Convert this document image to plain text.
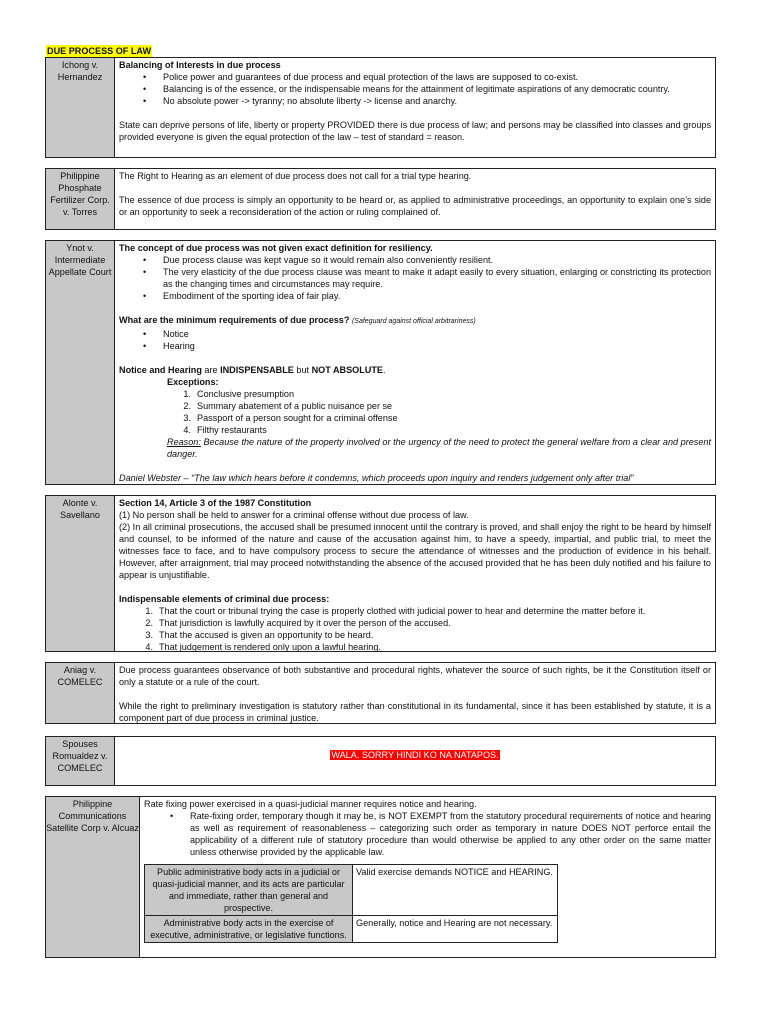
DUE PROCESS OF LAW
Ichong v. Hernandez
Balancing of Interests in due process
• Police power and guarantees of due process and equal protection of the laws are supposed to co-exist.
• Balancing is of the essence, or the indispensable means for the attainment of legitimate aspirations of any democratic country.
• No absolute power -> tyranny; no absolute liberty -> license and anarchy.
State can deprive persons of life, liberty or property PROVIDED there is due process of law; and persons may be classified into classes and groups provided everyone is given the equal protection of the law – test of standard = reason.
Philippine Phosphate Fertilizer Corp. v. Torres
The Right to Hearing as an element of due process does not call for a trial type hearing.
The essence of due process is simply an opportunity to be heard or, as applied to administrative proceedings, an opportunity to explain one’s side or an opportunity to seek a reconsideration of the action or ruling complained of.
Ynot v. Intermediate Appellate Court
The concept of due process was not given exact definition for resiliency.
• Due process clause was kept vague so it would remain also conveniently resilient.
• The very elasticity of the due process clause was meant to make it adapt easily to every situation, enlarging or constricting its protection as the changing times and circumstances may require.
• Embodiment of the sporting idea of fair play.
What are the minimum requirements of due process? (Safeguard against official arbitrariness)
• Notice
• Hearing
Notice and Hearing are INDISPENSABLE but NOT ABSOLUTE.
Exceptions:
1. Conclusive presumption
2. Summary abatement of a public nuisance per se
3. Passport of a person sought for a criminal offense
4. Filthy restaurants
Reason: Because the nature of the property involved or the urgency of the need to protect the general welfare from a clear and present danger.
Daniel Webster – “The law which hears before it condemns, which proceeds upon inquiry and renders judgement only after trial”
Alonte v. Savellano
Section 14, Article 3 of the 1987 Constitution
(1) No person shall be held to answer for a criminal offense without due process of law.
(2) In all criminal prosecutions, the accused shall be presumed innocent until the contrary is proved, and shall enjoy the right to be heard by himself and counsel, to be informed of the nature and cause of the accusation against him, to have a speedy, impartial, and public trial, to meet the witnesses face to face, and to have compulsory process to secure the attendance of witnesses and the production of evidence in his behalf. However, after arraignment, trial may proceed notwithstanding the absence of the accused provided that he has been duly notified and his failure to appear is unjustifiable.
Indispensable elements of criminal due process:
1. That the court or tribunal trying the case is properly clothed with judicial power to hear and determine the matter before it.
2. That jurisdiction is lawfully acquired by it over the person of the accused.
3. That the accused is given an opportunity to be heard.
4. That judgement is rendered only upon a lawful hearing.
Aniag v. COMELEC
Due process guarantees observance of both substantive and procedural rights, whatever the source of such rights, be it the Constitution itself or only a statute or a rule of the court.
While the right to preliminary investigation is statutory rather than constitutional in its fundamental, since it has been established by statute, it is a component part of due process in criminal justice.
Spouses Romualdez v. COMELEC
WALA. SORRY HINDI KO NA NATAPOS.
Philippine Communications Satellite Corp v. Alcuaz
Rate fixing power exercised in a quasi-judicial manner requires notice and hearing.
• Rate-fixing order, temporary though it may be, is NOT EXEMPT from the statutory procedural requirements of notice and hearing as well as requirement of reasonableness – categorizing such order as temporary in nature DOES NOT perforce entail the applicability of a different rule of statutory procedure than would otherwise be applied to any other order on the same matter unless otherwise provided by the applicable law.
Public administrative body acts in a judicial or quasi-judicial manner, and its acts are particular and immediate, rather than general and prospective.	Valid exercise demands NOTICE and HEARING.
Administrative body acts in the exercise of executive, administrative, or legislative functions.	Generally, notice and Hearing are not necessary.
